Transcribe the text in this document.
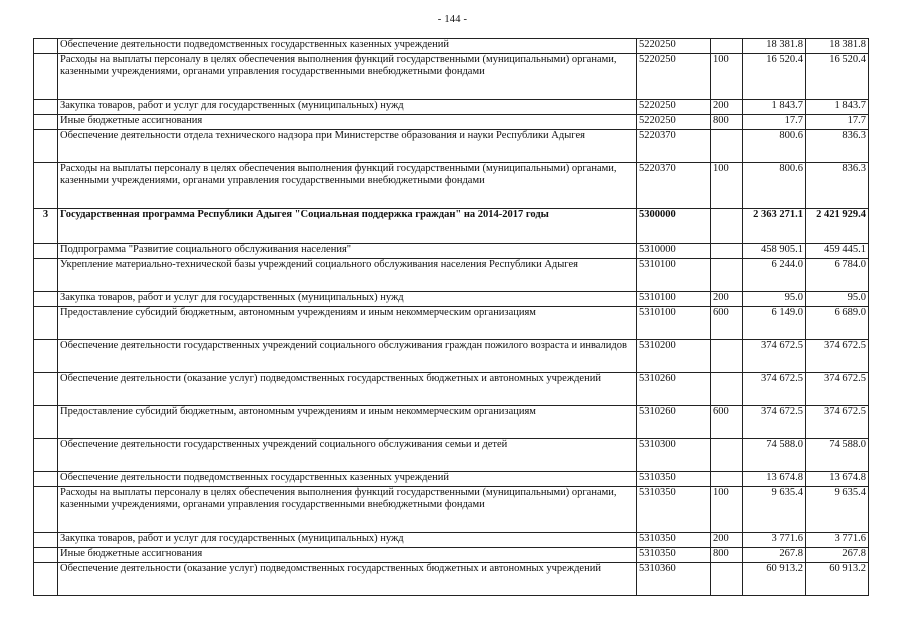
- 144 -
	Обеспечение деятельности подведомственных государственных казенных учреждений	5220250		18 381.8	18 381.8
	Расходы на выплаты персоналу в целях обеспечения выполнения функций государственными (муниципальными) органами, казенными учреждениями, органами управления государственными внебюджетными фондами	5220250	100	16 520.4	16 520.4
	Закупка товаров, работ и услуг для государственных (муниципальных) нужд	5220250	200	1 843.7	1 843.7
	Иные бюджетные ассигнования	5220250	800	17.7	17.7
	Обеспечение деятельности отдела технического надзора при Министерстве образования и науки Республики Адыгея	5220370		800.6	836.3
	Расходы на выплаты персоналу в целях обеспечения выполнения функций государственными (муниципальными) органами, казенными учреждениями, органами управления государственными внебюджетными фондами	5220370	100	800.6	836.3
3	Государственная программа Республики Адыгея "Социальная поддержка граждан" на 2014-2017 годы	5300000		2 363 271.1	2 421 929.4
	Подпрограмма "Развитие социального обслуживания населения"	5310000		458 905.1	459 445.1
	Укрепление материально-технической базы учреждений социального обслуживания населения Республики Адыгея	5310100		6 244.0	6 784.0
	Закупка товаров, работ и услуг для государственных (муниципальных) нужд	5310100	200	95.0	95.0
	Предоставление субсидий бюджетным, автономным учреждениям и иным некоммерческим организациям	5310100	600	6 149.0	6 689.0
	Обеспечение деятельности государственных учреждений социального обслуживания граждан пожилого возраста и инвалидов	5310200		374 672.5	374 672.5
	Обеспечение деятельности (оказание услуг) подведомственных государственных бюджетных и автономных учреждений	5310260		374 672.5	374 672.5
	Предоставление субсидий бюджетным, автономным учреждениям и иным некоммерческим организациям	5310260	600	374 672.5	374 672.5
	Обеспечение деятельности государственных учреждений социального обслуживания семьи и детей	5310300		74 588.0	74 588.0
	Обеспечение деятельности подведомственных государственных казенных учреждений	5310350		13 674.8	13 674.8
	Расходы на выплаты персоналу в целях обеспечения выполнения функций государственными (муниципальными) органами, казенными учреждениями, органами управления государственными внебюджетными фондами	5310350	100	9 635.4	9 635.4
	Закупка товаров, работ и услуг для государственных (муниципальных) нужд	5310350	200	3 771.6	3 771.6
	Иные бюджетные ассигнования	5310350	800	267.8	267.8
	Обеспечение деятельности (оказание услуг) подведомственных государственных бюджетных и автономных учреждений	5310360		60 913.2	60 913.2
